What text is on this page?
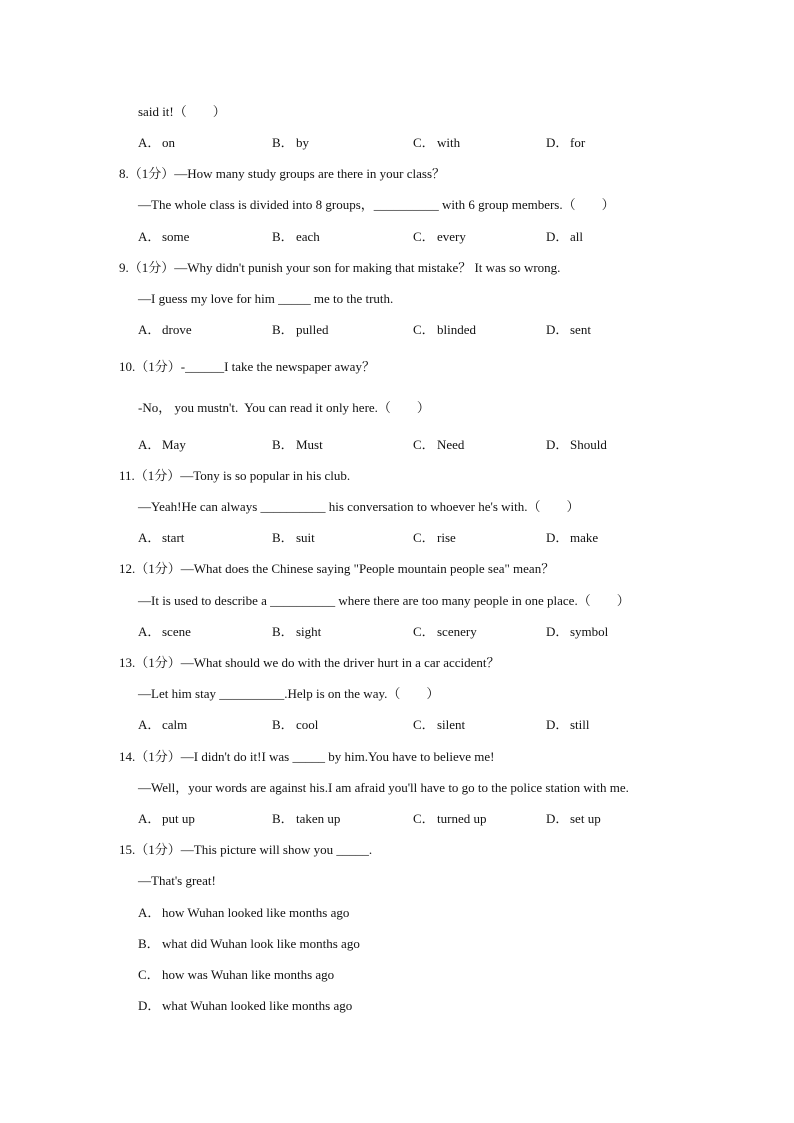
said it!（　　）
A． on	B． by	C． with	D． for
8.（1分）—How many study groups are there in your class？
—The whole class is divided into 8 groups，__________ with 6 group members.（　　）
A． some	B． each	C． every	D． all
9.（1分）—Why didn't punish your son for making that mistake？ It was so wrong.
—I guess my love for him _____ me to the truth.
A． drove	B． pulled	C． blinded	D． sent
10.（1分）-______I take the newspaper away？
-No， you mustn't.  You can read it only here.（　　）
A． May	B． Must	C． Need	D． Should
11.（1分）—Tony is so popular in his club.
—Yeah!He can always __________ his conversation to whoever he's with.（　　）
A． start	B． suit	C． rise	D． make
12.（1分）—What does the Chinese saying "People mountain people sea" mean？
—It is used to describe a __________ where there are too many people in one place.（　　）
A． scene	B． sight	C． scenery	D． symbol
13.（1分）—What should we do with the driver hurt in a car accident？
—Let him stay __________.Help is on the way.（　　）
A． calm	B． cool	C． silent	D． still
14.（1分）—I didn't do it!I was _____ by him.You have to believe me!
—Well，your words are against his.I am afraid you'll have to go to the police station with me.
A． put up	B． taken up	C． turned up	D． set up
15.（1分）—This picture will show you _____.
—That's great!
A． how Wuhan looked like months ago
B． what did Wuhan look like months ago
C． how was Wuhan like months ago
D． what Wuhan looked like months ago
